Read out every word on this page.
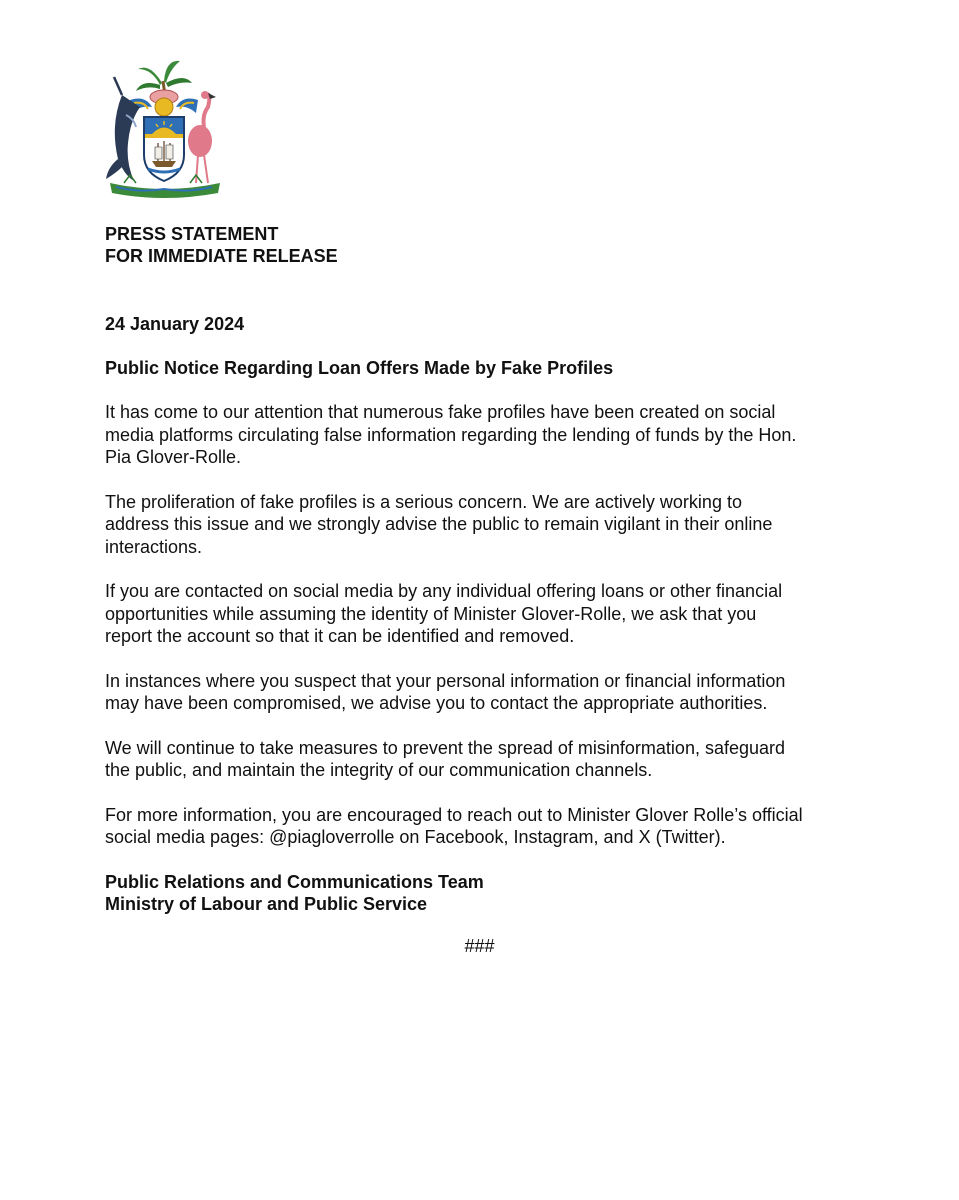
PRESS STATEMENT
FOR IMMEDIATE RELEASE
24 January 2024
Public Notice Regarding Loan Offers Made by Fake Profiles
It has come to our attention that numerous fake profiles have been created on social
media platforms circulating false information regarding the lending of funds by the Hon.
Pia Glover-Rolle.
The proliferation of fake profiles is a serious concern. We are actively working to
address this issue and we strongly advise the public to remain vigilant in their online
interactions.
If you are contacted on social media by any individual offering loans or other financial
opportunities while assuming the identity of Minister Glover-Rolle, we ask that you
report the account so that it can be identified and removed.
In instances where you suspect that your personal information or financial information
may have been compromised, we advise you to contact the appropriate authorities.
We will continue to take measures to prevent the spread of misinformation, safeguard
the public, and maintain the integrity of our communication channels.
For more information, you are encouraged to reach out to Minister Glover Rolle’s official
social media pages: @piagloverrolle on Facebook, Instagram, and X (Twitter).
Public Relations and Communications Team
Ministry of Labour and Public Service
###
